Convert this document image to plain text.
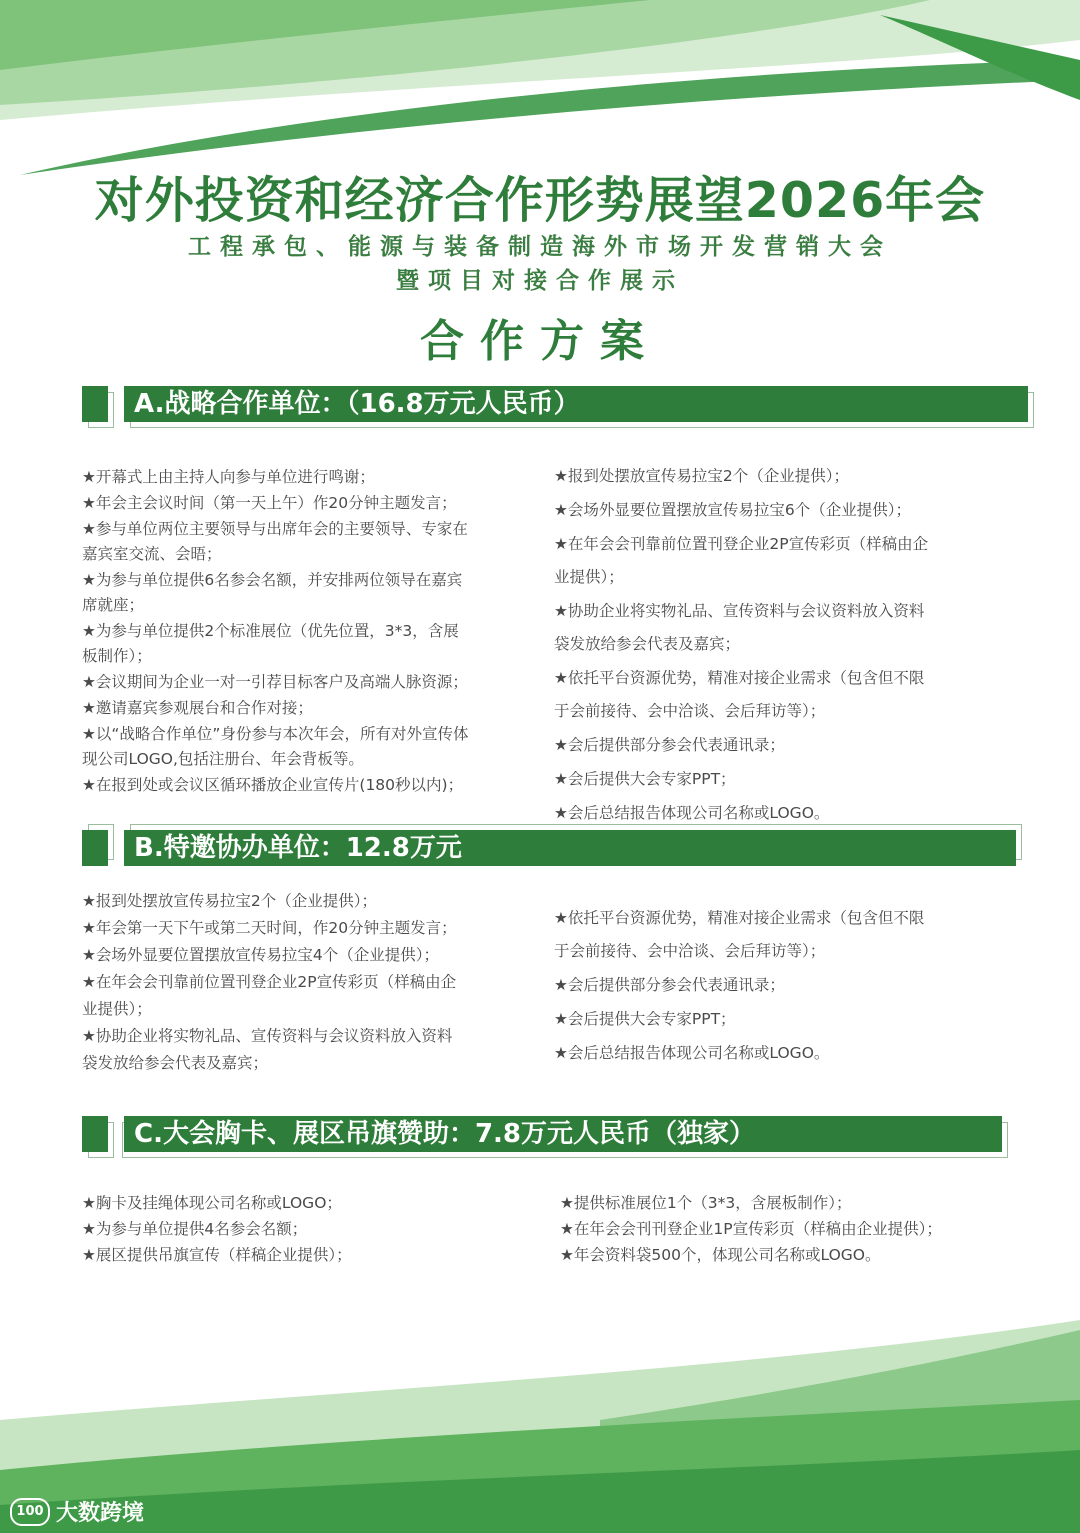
对外投资和经济合作形势展望2026年会
工程承包、能源与装备制造海外市场开发营销大会
暨项目对接合作展示
合作方案
A.战略合作单位：（16.8万元人民币）
★开幕式上由主持人向参与单位进行鸣谢；
★年会主会议时间（第一天上午）作20分钟主题发言；
★参与单位两位主要领导与出席年会的主要领导、专家在
嘉宾室交流、会晤；
★为参与单位提供6名参会名额，并安排两位领导在嘉宾
席就座；
★为参与单位提供2个标准展位（优先位置，3*3，含展
板制作）；
★会议期间为企业一对一引荐目标客户及高端人脉资源；
★邀请嘉宾参观展台和合作对接；
★以“战略合作单位”身份参与本次年会，所有对外宣传体
现公司LOGO,包括注册台、年会背板等。
★在报到处或会议区循环播放企业宣传片(180秒以内)；
★报到处摆放宣传易拉宝2个（企业提供）；
★会场外显要位置摆放宣传易拉宝6个（企业提供）；
★在年会会刊靠前位置刊登企业2P宣传彩页（样稿由企
业提供）；
★协助企业将实物礼品、宣传资料与会议资料放入资料
袋发放给参会代表及嘉宾；
★依托平台资源优势，精准对接企业需求（包含但不限
于会前接待、会中洽谈、会后拜访等）；
★会后提供部分参会代表通讯录；
★会后提供大会专家PPT；
★会后总结报告体现公司名称或LOGO。
B.特邀协办单位：12.8万元
★报到处摆放宣传易拉宝2个（企业提供）；
★年会第一天下午或第二天时间，作20分钟主题发言；
★会场外显要位置摆放宣传易拉宝4个（企业提供）；
★在年会会刊靠前位置刊登企业2P宣传彩页（样稿由企
业提供）；
★协助企业将实物礼品、宣传资料与会议资料放入资料
袋发放给参会代表及嘉宾；
★依托平台资源优势，精准对接企业需求（包含但不限
于会前接待、会中洽谈、会后拜访等）；
★会后提供部分参会代表通讯录；
★会后提供大会专家PPT；
★会后总结报告体现公司名称或LOGO。
C.大会胸卡、展区吊旗赞助：7.8万元人民币（独家）
★胸卡及挂绳体现公司名称或LOGO；
★为参与单位提供4名参会名额；
★展区提供吊旗宣传（样稿企业提供）；
★提供标准展位1个（3*3，含展板制作）；
★在年会会刊刊登企业1P宣传彩页（样稿由企业提供）；
★年会资料袋500个，体现公司名称或LOGO。
100 大数跨境
